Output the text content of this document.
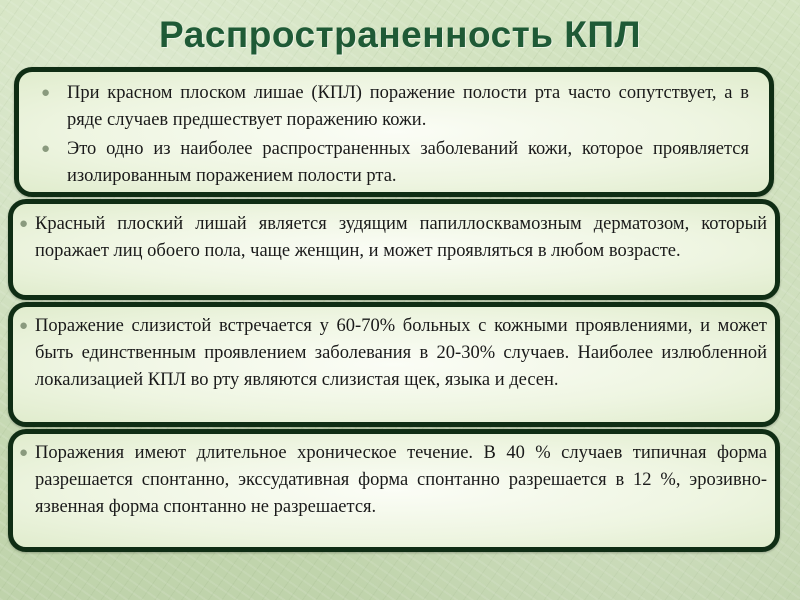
Распространенность КПЛ
● При красном плоском лишае (КПЛ) поражение полости рта часто сопутствует, а в ряде случаев предшествует поражению кожи.
● Это одно из наиболее распространенных заболеваний кожи, которое проявляется изолированным поражением полости рта.
● Красный плоский лишай является зудящим папиллосквамозным дерматозом, который поражает лиц обоего пола, чаще женщин, и может проявляться в любом возрасте.
● Поражение слизистой встречается у 60-70% больных с кожными проявлениями, и может быть единственным проявлением заболевания в 20-30% случаев. Наиболее излюбленной локализацией КПЛ во рту являются слизистая щек, языка и десен.
● Поражения имеют длительное хроническое течение. В 40 % случаев типичная форма разрешается спонтанно, экссудативная форма спонтанно разрешается в 12 %, эрозивно-язвенная форма спонтанно не разрешается.
